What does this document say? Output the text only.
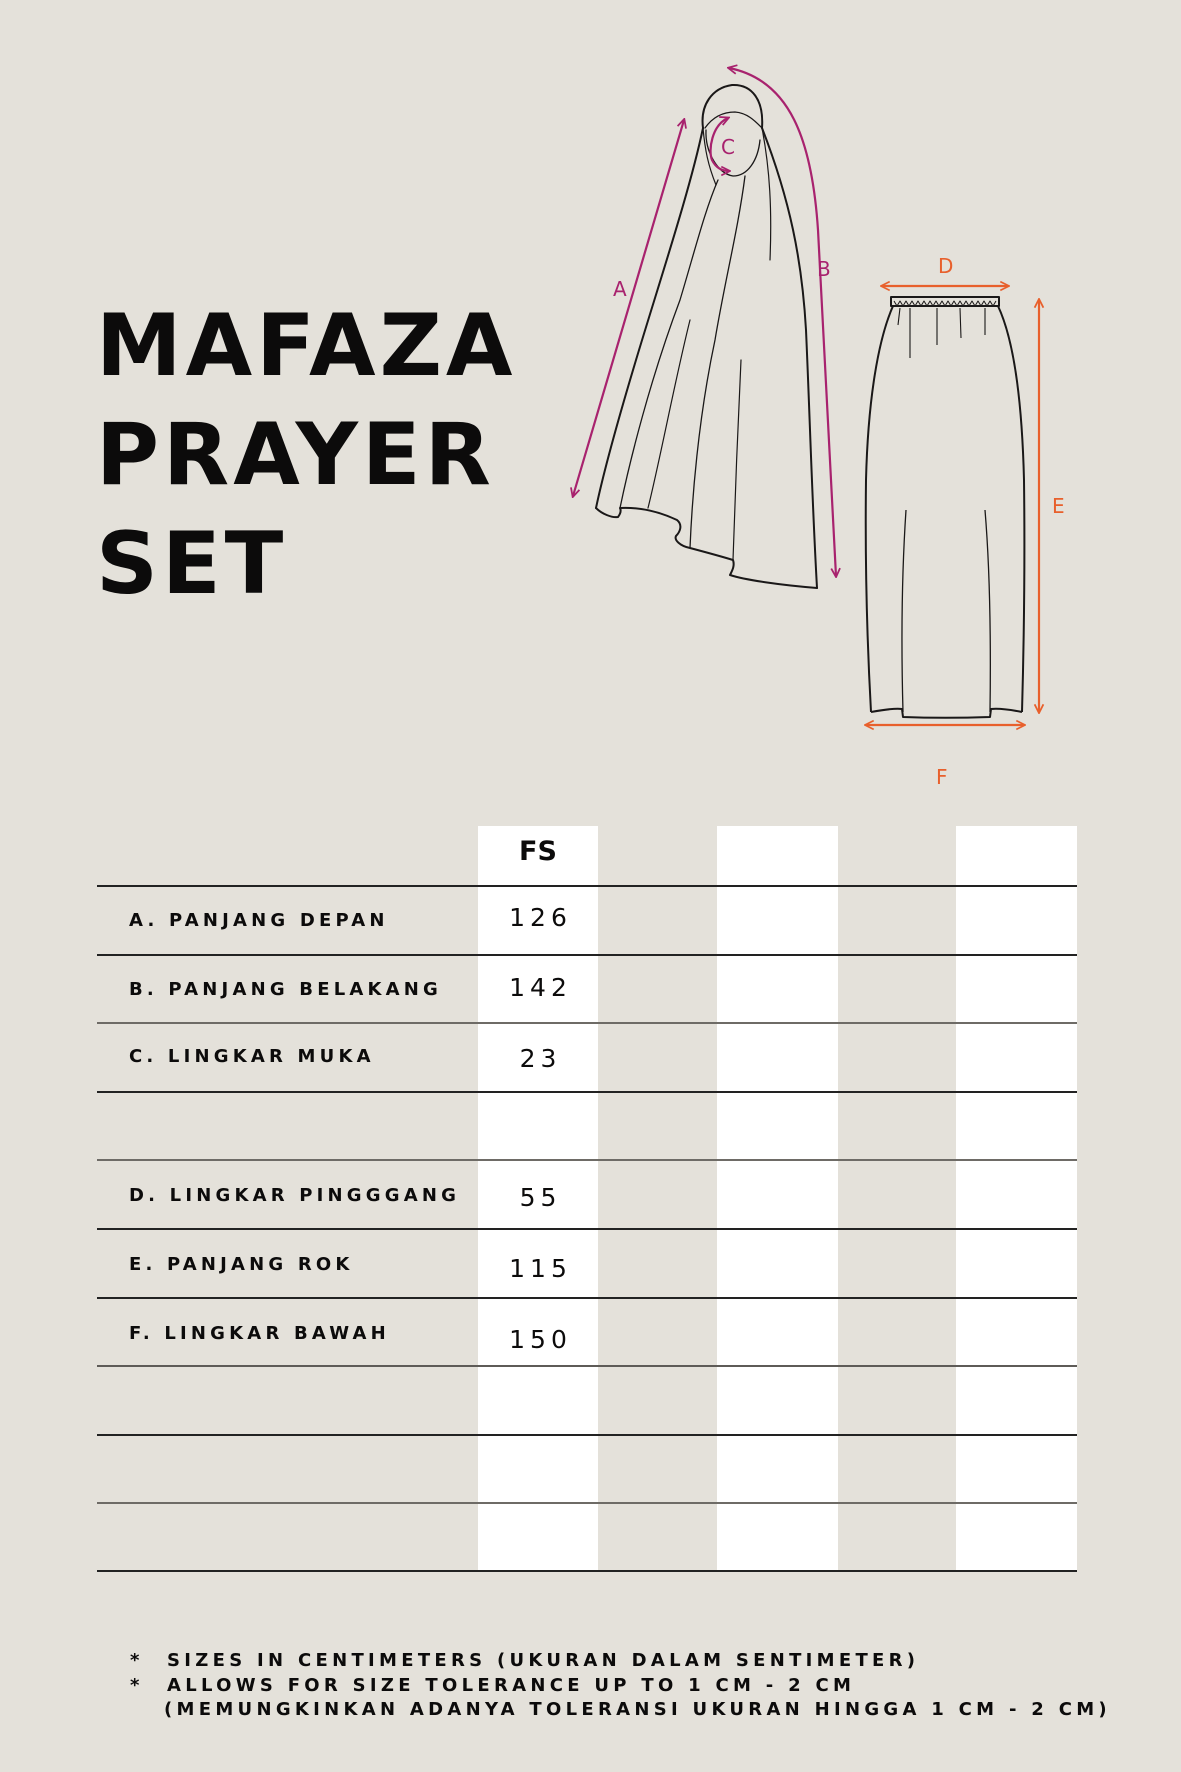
MAFAZA
PRAYER
SET
A
B
C
D
E
F
FS
A. PANJANG DEPAN	126
B. PANJANG BELAKANG	142
C. LINGKAR MUKA	23
D. LINGKAR PINGGGANG	55
E. PANJANG ROK	115
F. LINGKAR BAWAH	150
* SIZES IN CENTIMETERS (UKURAN DALAM SENTIMETER)
* ALLOWS FOR SIZE TOLERANCE UP TO 1 CM - 2 CM
(MEMUNGKINKAN ADANYA TOLERANSI UKURAN HINGGA 1 CM - 2 CM)
